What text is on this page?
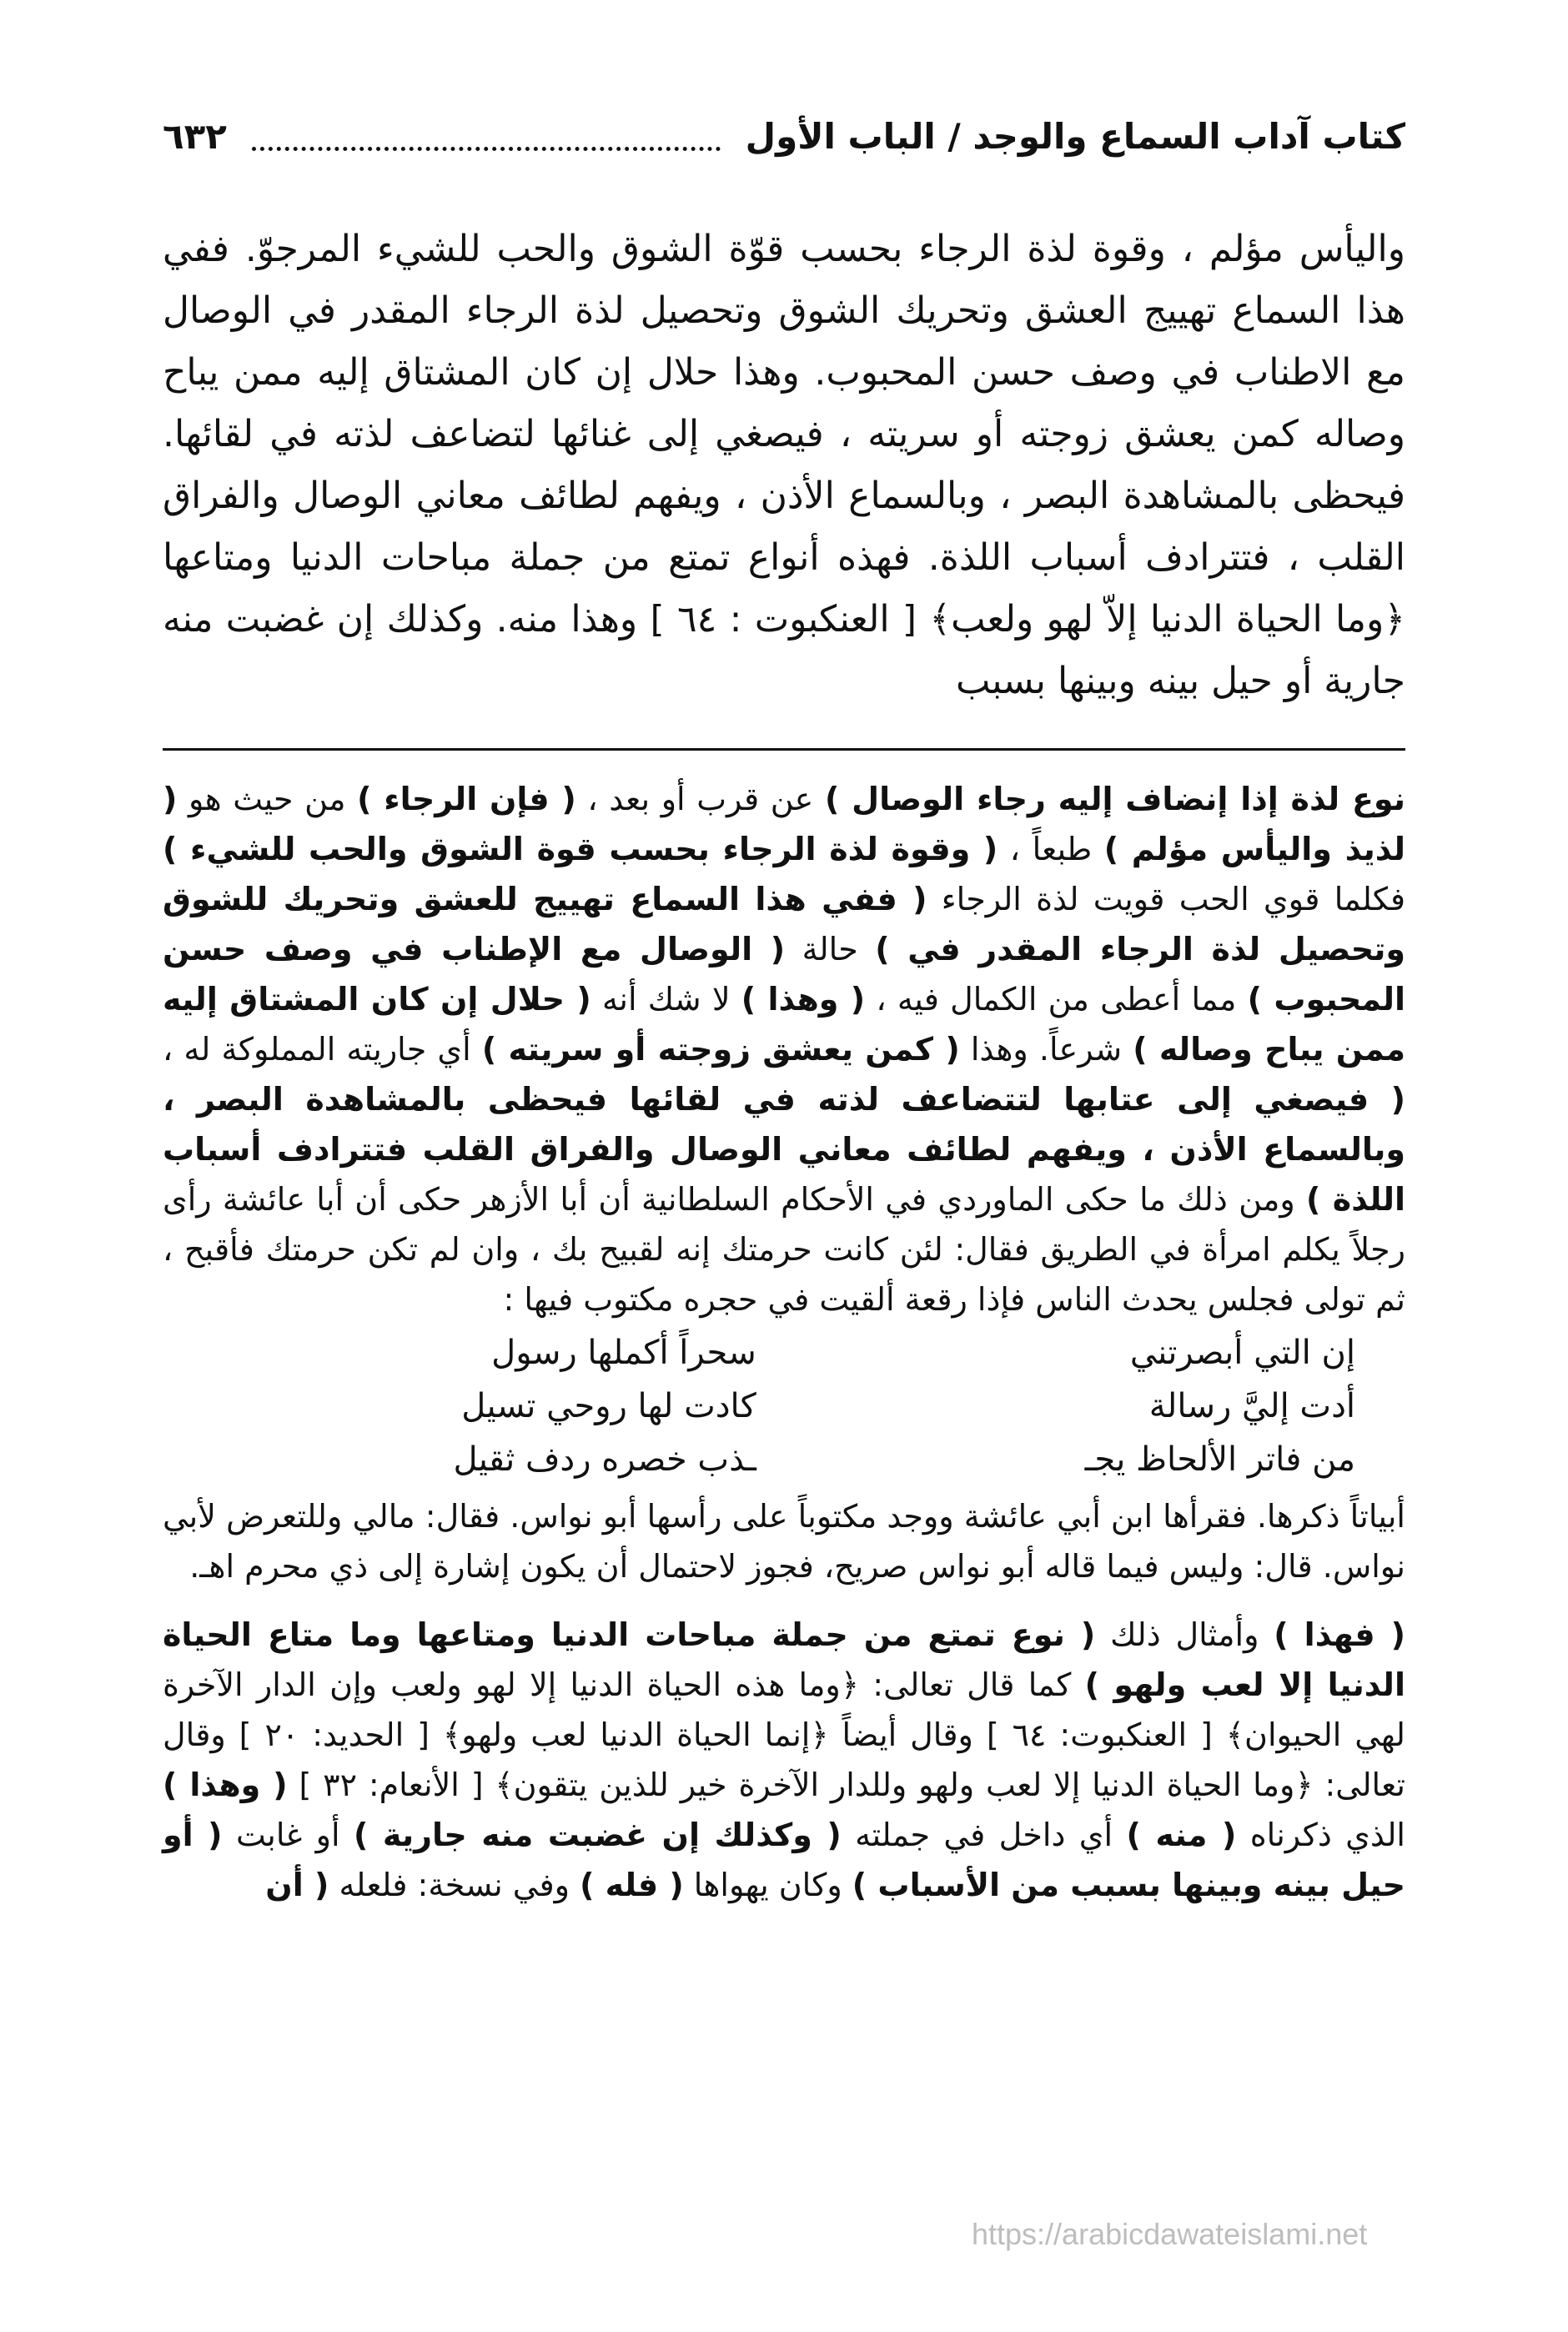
كتاب آداب السماع والوجد / الباب الأول
٦٣٢

واليأس مؤلم ، وقوة لذة الرجاء بحسب قوّة الشوق والحب للشيء المرجوّ. ففي هذا السماع تهييج العشق وتحريك الشوق وتحصيل لذة الرجاء المقدر في الوصال مع الاطناب في وصف حسن المحبوب. وهذا حلال إن كان المشتاق إليه ممن يباح وصاله كمن يعشق زوجته أو سريته ، فيصغي إلى غنائها لتضاعف لذته في لقائها. فيحظى بالمشاهدة البصر ، وبالسماع الأذن ، ويفهم لطائف معاني الوصال والفراق القلب ، فتترادف أسباب اللذة. فهذه أنواع تمتع من جملة مباحات الدنيا ومتاعها ﴿وما الحياة الدنيا إلاّ لهو ولعب﴾ [ العنكبوت : ٦٤ ] وهذا منه. وكذلك إن غضبت منه جارية أو حيل بينه وبينها بسبب

نوع لذة إذا إنضاف إليه رجاء الوصال ) عن قرب أو بعد ، ( فإن الرجاء ) من حيث هو ( لذيذ واليأس مؤلم ) طبعاً ، ( وقوة لذة الرجاء بحسب قوة الشوق والحب للشيء ) فكلما قوي الحب قويت لذة الرجاء ( ففي هذا السماع تهييج للعشق وتحريك للشوق وتحصيل لذة الرجاء المقدر في ) حالة ( الوصال مع الإطناب في وصف حسن المحبوب ) مما أعطى من الكمال فيه ، ( وهذا ) لا شك أنه ( حلال إن كان المشتاق إليه ممن يباح وصاله ) شرعاً. وهذا ( كمن يعشق زوجته أو سريته ) أي جاريته المملوكة له ، ( فيصغي إلى عتابها لتتضاعف لذته في لقائها فيحظى بالمشاهدة البصر ، وبالسماع الأذن ، ويفهم لطائف معاني الوصال والفراق القلب فتترادف أسباب اللذة ) ومن ذلك ما حكى الماوردي في الأحكام السلطانية أن أبا الأزهر حكى أن أبا عائشة رأى رجلاً يكلم امرأة في الطريق فقال: لئن كانت حرمتك إنه لقبيح بك ، وان لم تكن حرمتك فأقبح ، ثم تولى فجلس يحدث الناس فإذا رقعة ألقيت في حجره مكتوب فيها :

إن التي أبصرتني
سحراً أكملها رسول
أدت إليَّ رسالة
كادت لها روحي تسيل
من فاتر الألحاظ يجـ
ـذب خصره ردف ثقيل

أبياتاً ذكرها. فقرأها ابن أبي عائشة ووجد مكتوباً على رأسها أبو نواس. فقال: مالي وللتعرض لأبي نواس. قال: وليس فيما قاله أبو نواس صريح، فجوز لاحتمال أن يكون إشارة إلى ذي محرم اهـ.

( فهذا ) وأمثال ذلك ( نوع تمتع من جملة مباحات الدنيا ومتاعها وما متاع الحياة الدنيا إلا لعب ولهو ) كما قال تعالى: ﴿وما هذه الحياة الدنيا إلا لهو ولعب وإن الدار الآخرة لهي الحيوان﴾ [ العنكبوت: ٦٤ ] وقال أيضاً ﴿إنما الحياة الدنيا لعب ولهو﴾ [ الحديد: ٢٠ ] وقال تعالى: ﴿وما الحياة الدنيا إلا لعب ولهو وللدار الآخرة خير للذين يتقون﴾ [ الأنعام: ٣٢ ] ( وهذا ) الذي ذكرناه ( منه ) أي داخل في جملته ( وكذلك إن غضبت منه جارية ) أو غابت ( أو حيل بينه وبينها بسبب من الأسباب ) وكان يهواها ( فله ) وفي نسخة: فلعله ( أن

https://arabicdawateislami.net
